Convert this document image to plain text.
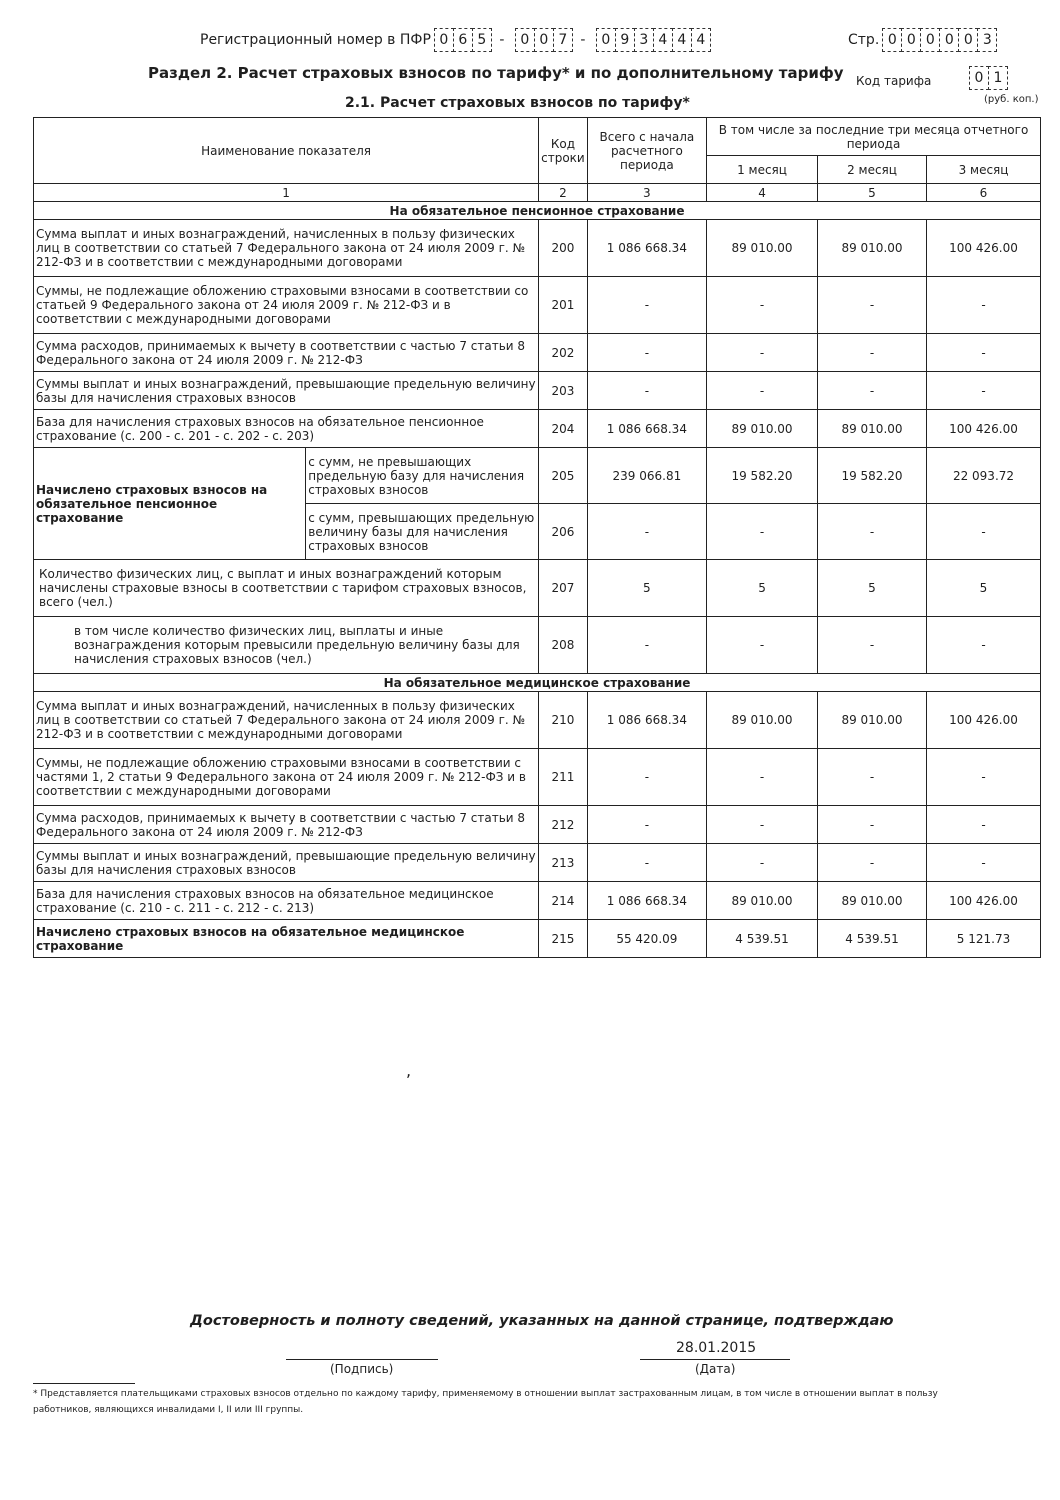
Регистрационный номер в ПФР 0 6 5 -	0 0 7 -	0 9 3 4 4 4	Стр. 0 0 0 0 0 3
Раздел 2. Расчет страховых взносов по тарифу* и по дополнительному тарифу Код тарифа	0 1
(руб. коп.)
2.1. Расчет страховых взносов по тарифу*
Наименование показателя		Код строки	Всего с начала расчетного периода	В том числе за последние три месяца отчетного периода		
				1 месяц	2 месяц	3 месяц
1		2	3	4	5	6
На обязательное пенсионное страхование						
Сумма выплат и иных вознаграждений, начисленных в пользу физических лиц в соответствии со статьей 7 Федерального закона от 24 июля 2009 г. № 212-ФЗ и в соответствии с международными договорами		200	1 086 668.34	89 010.00	89 010.00	100 426.00
Суммы, не подлежащие обложению страховыми взносами в соответствии со статьей 9 Федерального закона от 24 июля 2009 г. № 212-ФЗ и в соответствии с международными договорами		201	-	-	-	-
Сумма расходов, принимаемых к вычету в соответствии с частью 7 статьи 8 Федерального закона от 24 июля 2009 г. № 212-ФЗ		202	-	-	-	-
Суммы выплат и иных вознаграждений, превышающие предельную величину базы для начисления страховых взносов		203	-	-	-	-
База для начисления страховых взносов на обязательное пенсионное страхование (с. 200 - с. 201 - с. 202 - с. 203)		204	1 086 668.34	89 010.00	89 010.00	100 426.00
Начислено страховых взносов на обязательное пенсионное страхование	с сумм, не превышающих предельную базу для начисления страховых взносов	205	239 066.81	19 582.20	19 582.20	22 093.72
	с сумм, превышающих предельную величину базы для начисления страховых взносов	206	-	-	-	-
Количество физических лиц, с выплат и иных вознаграждений которым начислены страховые взносы в соответствии с тарифом страховых взносов, всего (чел.)		207	5	5	5	5
в том числе количество физических лиц, выплаты и иные вознаграждения которым превысили предельную величину базы для начисления страховых взносов (чел.)		208	-	-	-	-
На обязательное медицинское страхование						
Сумма выплат и иных вознаграждений, начисленных в пользу физических лиц в соответствии со статьей 7 Федерального закона от 24 июля 2009 г. № 212-ФЗ и в соответствии с международными договорами		210	1 086 668.34	89 010.00	89 010.00	100 426.00
Суммы, не подлежащие обложению страховыми взносами в соответствии с частями 1, 2 статьи 9 Федерального закона от 24 июля 2009 г. № 212-ФЗ и в соответствии с международными договорами		211	-	-	-	-
Сумма расходов, принимаемых к вычету в соответствии с частью 7 статьи 8 Федерального закона от 24 июля 2009 г. № 212-ФЗ		212	-	-	-	-
Суммы выплат и иных вознаграждений, превышающие предельную величину базы для начисления страховых взносов		213	-	-	-	-
База для начисления страховых взносов на обязательное медицинское страхование (с. 210 - с. 211 - с. 212 - с. 213)		214	1 086 668.34	89 010.00	89 010.00	100 426.00
Начислено страховых взносов на обязательное медицинское страхование		215	55 420.09	4 539.51	4 539.51	5 121.73
,
Достоверность и полноту сведений, указанных на данной странице, подтверждаю
(Подпись)
28.01.2015
(Дата)
* Представляется плательщиками страховых взносов отдельно по каждому тарифу, применяемому в отношении выплат застрахованным лицам, в том числе в отношении выплат в пользу работников, являющихся инвалидами I, II или III группы.
